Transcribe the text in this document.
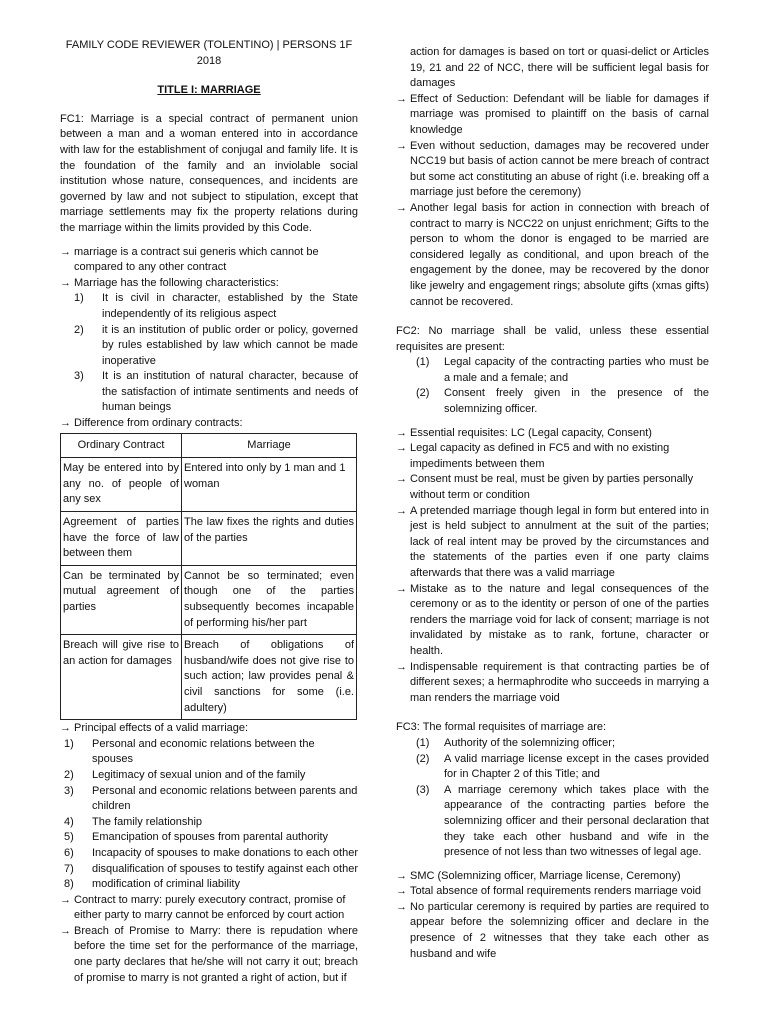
FAMILY CODE REVIEWER (TOLENTINO) | PERSONS 1F 2018

TITLE I: MARRIAGE

FC1: Marriage is a special contract of permanent union between a man and a woman entered into in accordance with law for the establishment of conjugal and family life. It is the foundation of the family and an inviolable social institution whose nature, consequences, and incidents are governed by law and not subject to stipulation, except that marriage settlements may fix the property relations during the marriage within the limits provided by this Code.

→ marriage is a contract sui generis which cannot be compared to any other contract
→ Marriage has the following characteristics:
1)	It is civil in character, established by the State independently of its religious aspect
2)	it is an institution of public order or policy, governed by rules established by law which cannot be made inoperative
3)	It is an institution of natural character, because of the satisfaction of intimate sentiments and needs of human beings
→ Difference from ordinary contracts:
Ordinary Contract	Marriage
May be entered into by any no. of people of any sex	Entered into only by 1 man and 1 woman
Agreement of parties have the force of law between them	The law fixes the rights and duties of the parties
Can be terminated by mutual agreement of parties	Cannot be so terminated; even though one of the parties subsequently becomes incapable of performing his/her part
Breach will give rise to an action for damages	Breach of obligations of husband/wife does not give rise to such action; law provides penal & civil sanctions for some (i.e. adultery)
→ Principal effects of a valid marriage:
1)	Personal and economic relations between the spouses
2)	Legitimacy of sexual union and of the family
3)	Personal and economic relations between parents and children
4)	The family relationship
5)	Emancipation of spouses from parental authority
6)	Incapacity of spouses to make donations to each other
7)	disqualification of spouses to testify against each other
8)	modification of criminal liability
→ Contract to marry: purely executory contract, promise of either party to marry cannot be enforced by court action
→ Breach of Promise to Marry: there is repudation where before the time set for the performance of the marriage, one party declares that he/she will not carry it out; breach of promise to marry is not granted a right of action, but if
action for damages is based on tort or quasi-delict or Articles 19, 21 and 22 of NCC, there will be sufficient legal basis for damages
→ Effect of Seduction: Defendant will be liable for damages if marriage was promised to plaintiff on the basis of carnal knowledge
→ Even without seduction, damages may be recovered under NCC19 but basis of action cannot be mere breach of contract but some act constituting an abuse of right (i.e. breaking off a marriage just before the ceremony)
→ Another legal basis for action in connection with breach of contract to marry is NCC22 on unjust enrichment; Gifts to the person to whom the donor is engaged to be married are considered legally as conditional, and upon breach of the engagement by the donee, may be recovered by the donor like jewelry and engagement rings; absolute gifts (xmas gifts) cannot be recovered.

FC2: No marriage shall be valid, unless these essential requisites are present:

(1)	Legal capacity of the contracting parties who must be a male and a female; and
(2)	Consent freely given in the presence of the solemnizing officer.
→ Essential requisites: LC (Legal capacity, Consent)
→ Legal capacity as defined in FC5 and with no existing impediments between them
→ Consent must be real, must be given by parties personally without term or condition
→ A pretended marriage though legal in form but entered into in jest is held subject to annulment at the suit of the parties; lack of real intent may be proved by the circumstances and the statements of the parties even if one party claims afterwards that there was a valid marriage
→ Mistake as to the nature and legal consequences of the ceremony or as to the identity or person of one of the parties renders the marriage void for lack of consent; marriage is not invalidated by mistake as to rank, fortune, character or health.
→ Indispensable requirement is that contracting parties be of different sexes; a hermaphrodite who succeeds in marrying a man renders the marriage void

FC3: The formal requisites of marriage are:

(1)	Authority of the solemnizing officer;
(2)	A valid marriage license except in the cases provided for in Chapter 2 of this Title; and
(3)	A marriage ceremony which takes place with the appearance of the contracting parties before the solemnizing officer and their personal declaration that they take each other husband and wife in the presence of not less than two witnesses of legal age.
→ SMC (Solemnizing officer, Marriage license, Ceremony)
→ Total absence of formal requirements renders marriage void
→ No particular ceremony is required by parties are required to appear before the solemnizing officer and declare in the presence of 2 witnesses that they take each other as husband and wife
